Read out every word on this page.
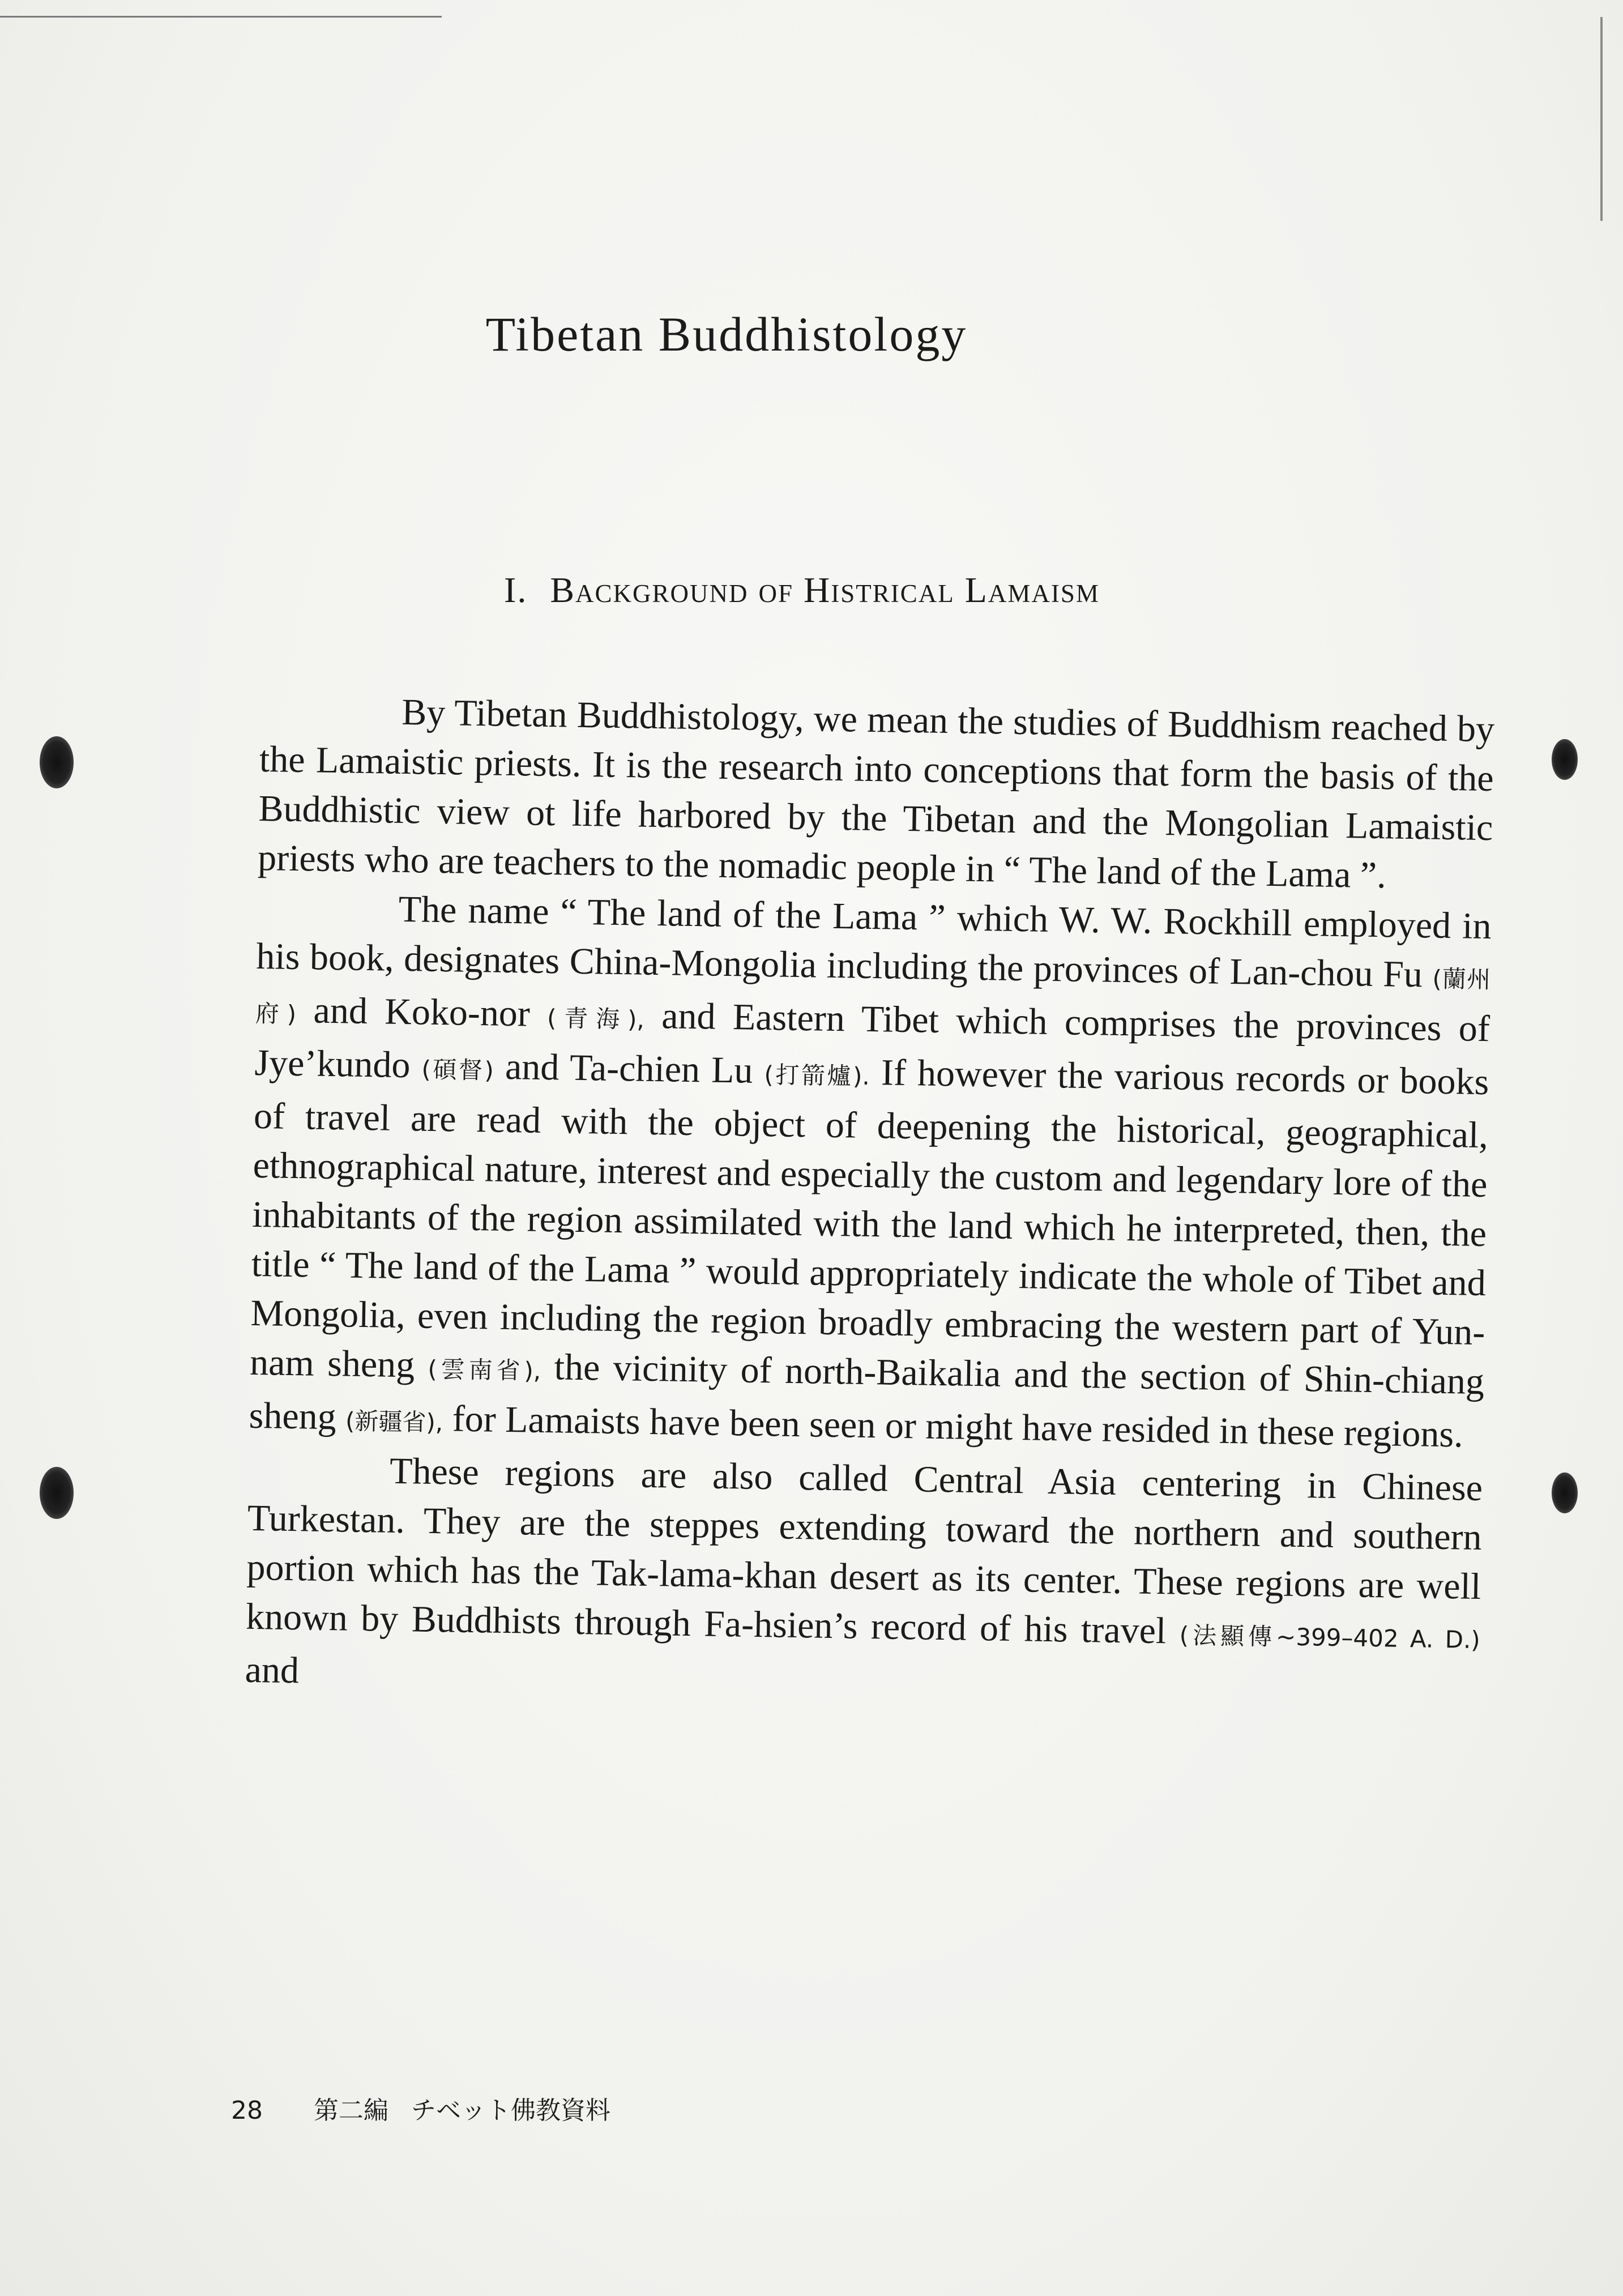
Tibetan Buddhistology
I. Background of Histrical Lamaism

By Tibetan Buddhistology, we mean the studies of Buddhism reached by the Lamaistic priests. It is the research into conceptions that form the basis of the Buddhistic view ot life harbored by the Tibetan and the Mongolian Lamaistic priests who are teachers to the nomadic people in “ The land of the Lama ”.

The name “ The land of the Lama ” which W. W. Rockhill employed in his book, designates China-Mongolia including the provinces of Lan-chou Fu (蘭州府) and Koko-nor (青海), and Eastern Tibet which comprises the provinces of Jye’kundo (碩督) and Ta-chien Lu (打箭爐). If however the various records or books of travel are read with the object of deepening the historical, geographical, ethnographical nature, interest and especially the custom and legendary lore of the inhabitants of the region assimilated with the land which he interpreted, then, the title “ The land of the Lama ” would appropriately indicate the whole of Tibet and Mongolia, even including the region broadly embracing the western part of Yun-nam sheng (雲南省), the vicinity of north-Baikalia and the section of Shin-chiang sheng (新疆省), for Lamaists have been seen or might have resided in these regions.

These regions are also called Central Asia centering in Chinese Turkestan. They are the steppes extending toward the northern and southern portion which has the Tak-lama-khan desert as its center. These regions are well known by Buddhists through Fa-hsien’s record of his travel (法顯傳~399–402 A. D.) and

28 第二編 チベット佛教資料
